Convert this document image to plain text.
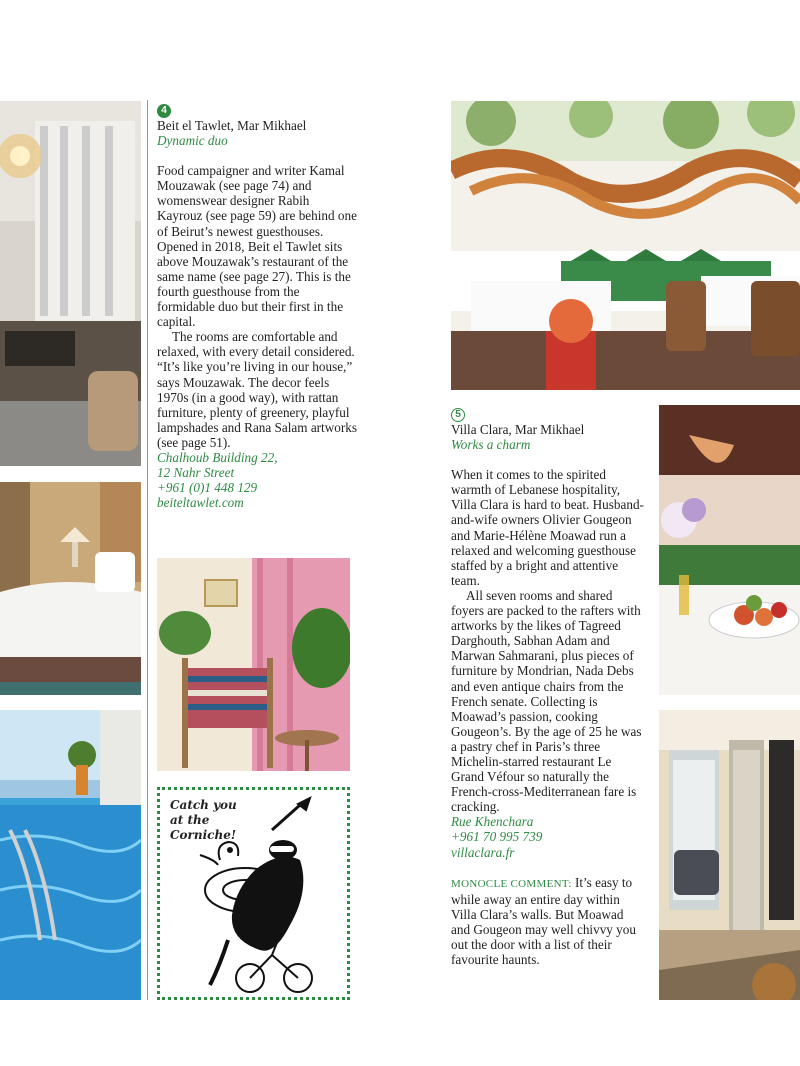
4
Beit el Tawlet, Mar Mikhael
Dynamic duo

Food campaigner and writer Kamal Mouzawak (see page 74) and womenswear designer Rabih Kayrouz (see page 59) are behind one of Beirut’s newest guesthouses. Opened in 2018, Beit el Tawlet sits above Mouzawak’s restaurant of the same name (see page 27). This is the fourth guesthouse from the formidable duo but their first in the capital.

The rooms are comfortable and relaxed, with every detail considered. “It’s like you’re living in our house,” says Mouzawak. The decor feels 1970s (in a good way), with rattan furniture, plenty of greenery, playful lampshades and Rana Salam artworks (see page 51).

Chalhoub Building 22,
12 Nahr Street
+961 (0)1 448 129
beiteltawlet.com
Catch you
at the
Corniche!
5
Villa Clara, Mar Mikhael
Works a charm

When it comes to the spirited warmth of Lebanese hospitality, Villa Clara is hard to beat. Husband-and-wife owners Olivier Gougeon and Marie-Hélène Moawad run a relaxed and welcoming guesthouse staffed by a bright and attentive team.

All seven rooms and shared foyers are packed to the rafters with artworks by the likes of Tagreed Darghouth, Sabhan Adam and Marwan Sahmarani, plus pieces of furniture by Mondrian, Nada Debs and even antique chairs from the French senate. Collecting is Moawad’s passion, cooking Gougeon’s. By the age of 25 he was a pastry chef in Paris’s three Michelin-starred restaurant Le Grand Véfour so naturally the French-cross-Mediterranean fare is cracking.

Rue Khenchara
+961 70 995 739
villaclara.fr

MONOCLE COMMENT: It’s easy to while away an entire day within Villa Clara’s walls. But Moawad and Gougeon may well chivvy you out the door with a list of their favourite haunts.
